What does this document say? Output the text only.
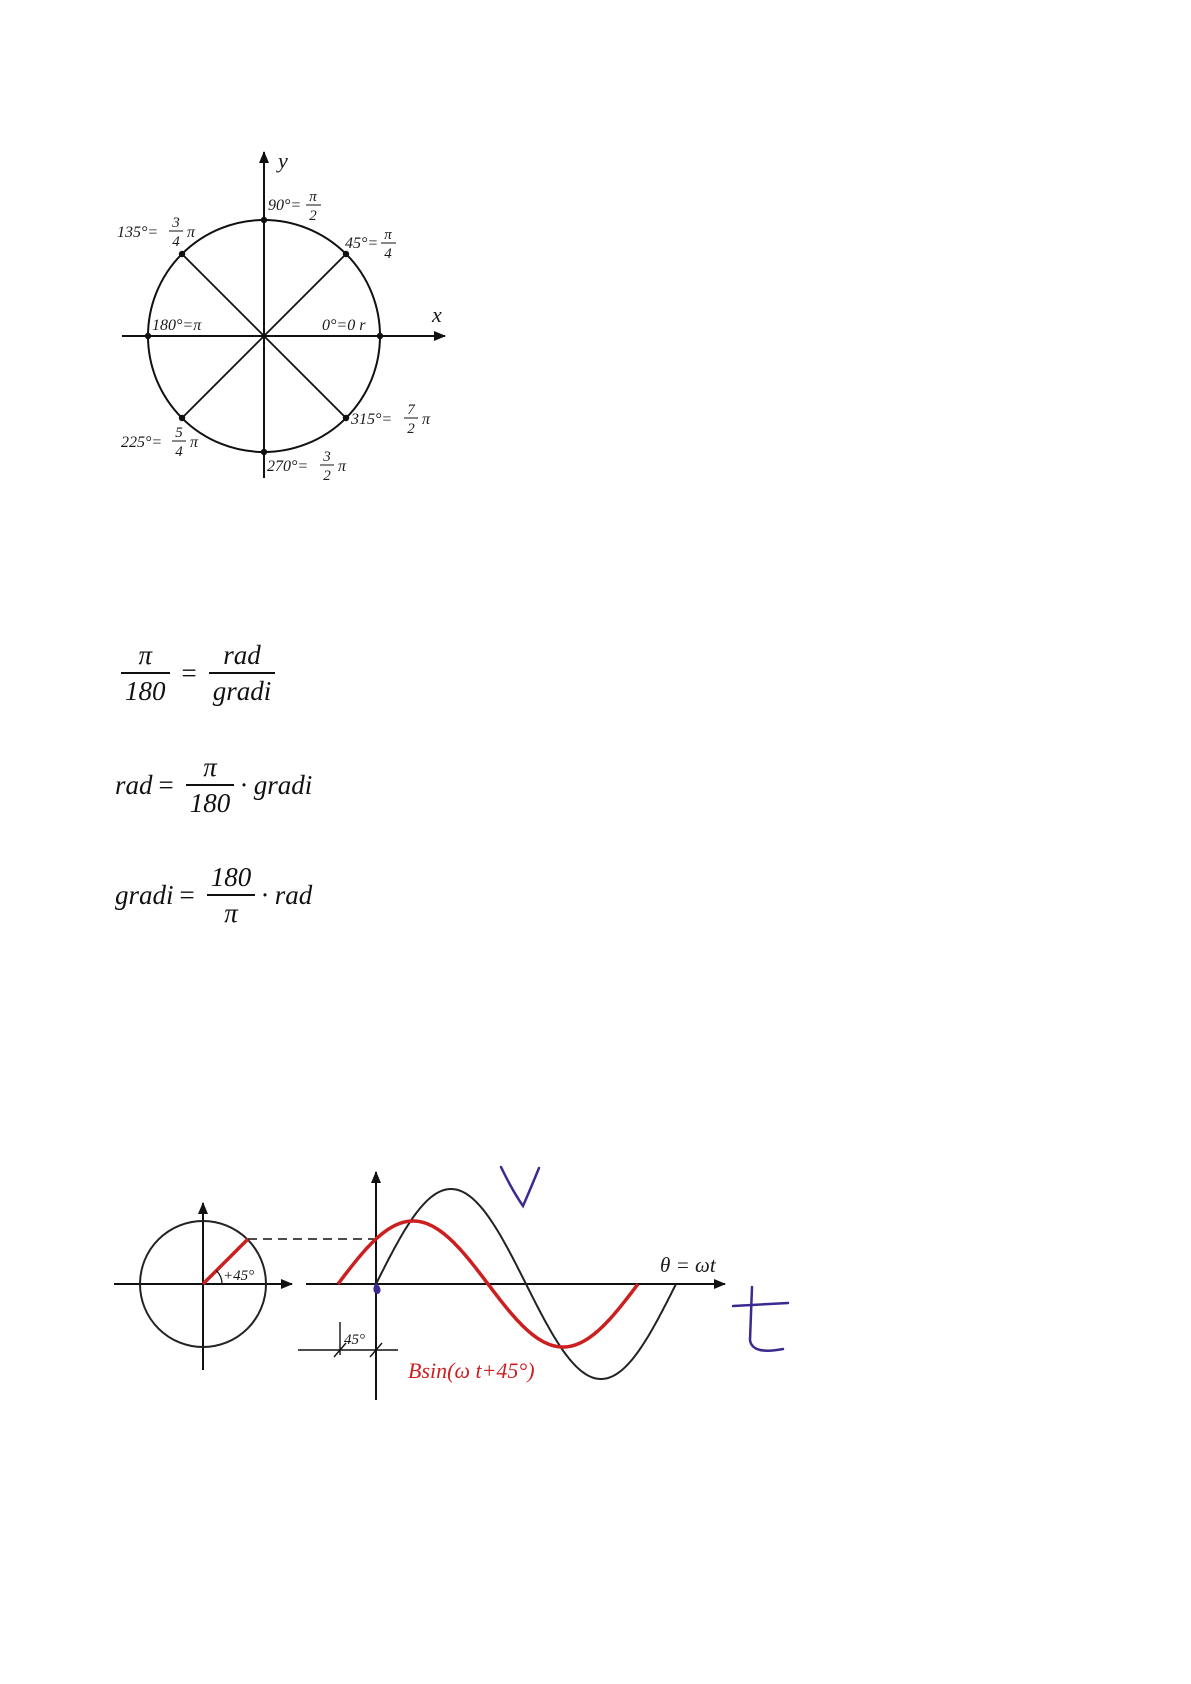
x
y
0°=0 r
180°=π
45°= π
4
90°= π
2
135°=
3
4
π
225°=
5
4
π
270°=
3
2
π
315°=
7
2
π
+45°	θ = ωt
Bsin(ω t+45°)
45°
$\frac{\pi}{180} = \frac{\text{rad}}{\text{gradi}}$
rad = $\frac{\pi}{180}$ · gradi
gradi = $\frac{180}{\pi}$ · rad
